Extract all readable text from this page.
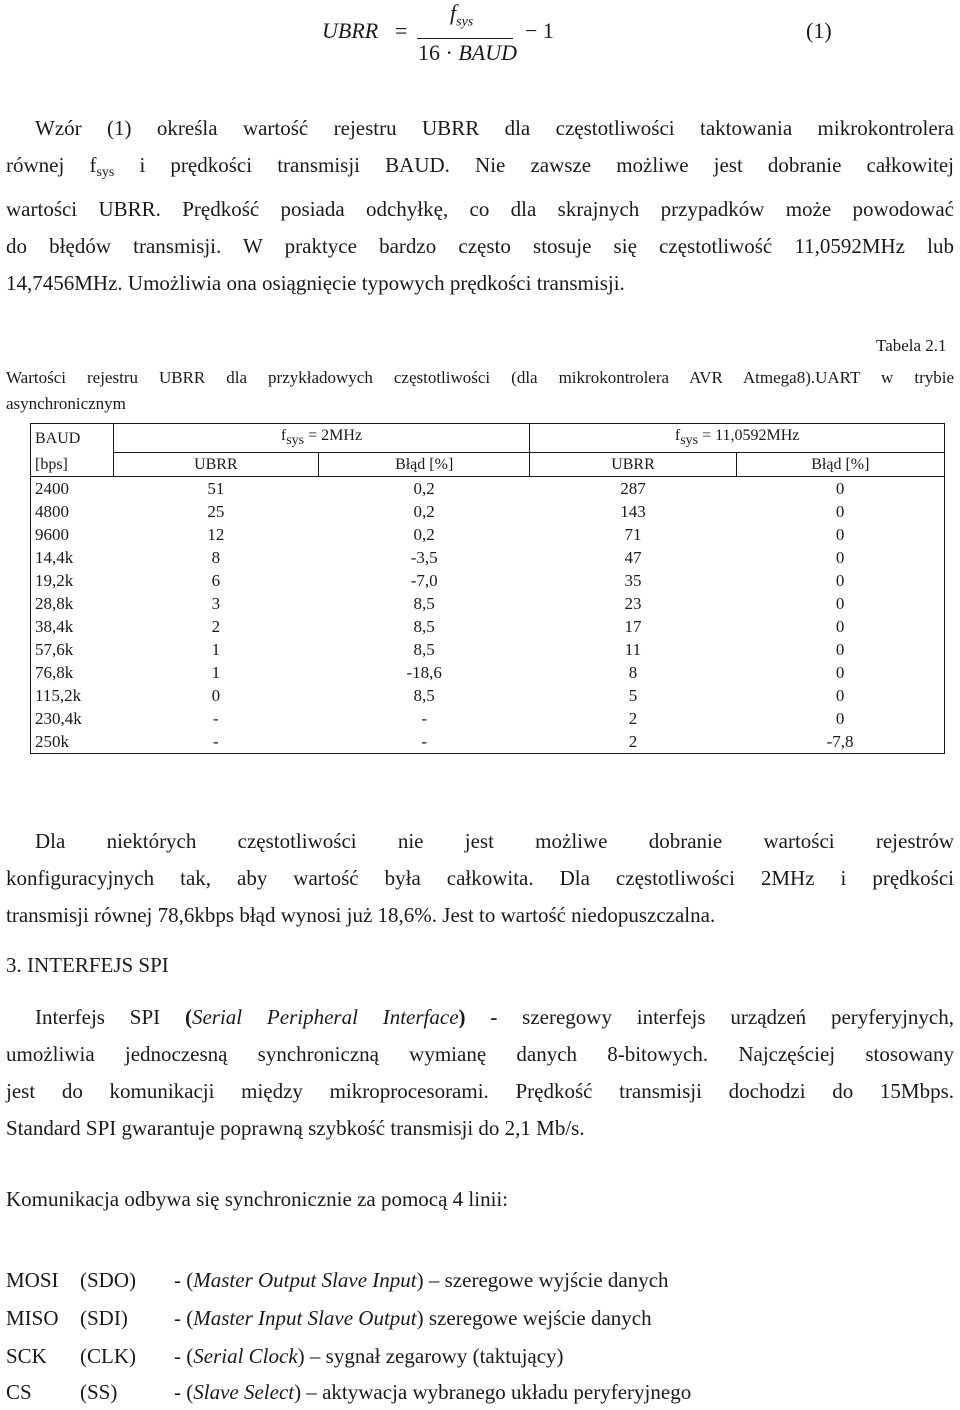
UBRR =
$f_{sys}$
16 · BAUD
− 1	(1)
Wzór (1) określa wartość rejestru UBRR dla częstotliwości taktowania mikrokontrolera
równej $f_{sys}$ i prędkości transmisji BAUD. Nie zawsze możliwe jest dobranie całkowitej
wartości UBRR. Prędkość posiada odchyłkę, co dla skrajnych przypadków może powodować
do błędów transmisji. W praktyce bardzo często stosuje się częstotliwość 11,0592MHz lub
14,7456MHz. Umożliwia ona osiągnięcie typowych prędkości transmisji.
Tabela 2.1
Wartości rejestru UBRR dla przykładowych częstotliwości (dla mikrokontrolera AVR Atmega8).UART w trybie
asynchronicznym
BAUD	$f_{sys} = 2MHz$		$f_{sys} = 11,0592MHz$	
[bps]	UBRR	Błąd [%]	UBRR	Błąd [%]
2400	51	0,2	287	0
4800	25	0,2	143	0
9600	12	0,2	71	0
14,4k	8	-3,5	47	0
19,2k	6	-7,0	35	0
28,8k	3	8,5	23	0
38,4k	2	8,5	17	0
57,6k	1	8,5	11	0
76,8k	1	-18,6	8	0
115,2k	0	8,5	5	0
230,4k	-	-	2	0
250k	-	-	2	-7,8
Dla niektórych częstotliwości nie jest możliwe dobranie wartości rejestrów
konfiguracyjnych tak, aby wartość była całkowita. Dla częstotliwości 2MHz i prędkości
transmisji równej 78,6kbps błąd wynosi już 18,6%. Jest to wartość niedopuszczalna.
3. INTERFEJS SPI
Interfejs SPI (Serial Peripheral Interface) - szeregowy interfejs urządzeń peryferyjnych,
umożliwia jednoczesną synchroniczną wymianę danych 8-bitowych. Najczęściej stosowany
jest do komunikacji między mikroprocesorami. Prędkość transmisji dochodzi do 15Mbps.
Standard SPI gwarantuje poprawną szybkość transmisji do 2,1 Mb/s.
Komunikacja odbywa się synchronicznie za pomocą 4 linii:
MOSI (SDO) - (Master Output Slave Input) – szeregowe wyjście danych
MISO (SDI) - (Master Input Slave Output) szeregowe wejście danych
SCK (CLK) - (Serial Clock) – sygnał zegarowy (taktujący)
CS (SS)	- (Slave Select) – aktywacja wybranego układu peryferyjnego
